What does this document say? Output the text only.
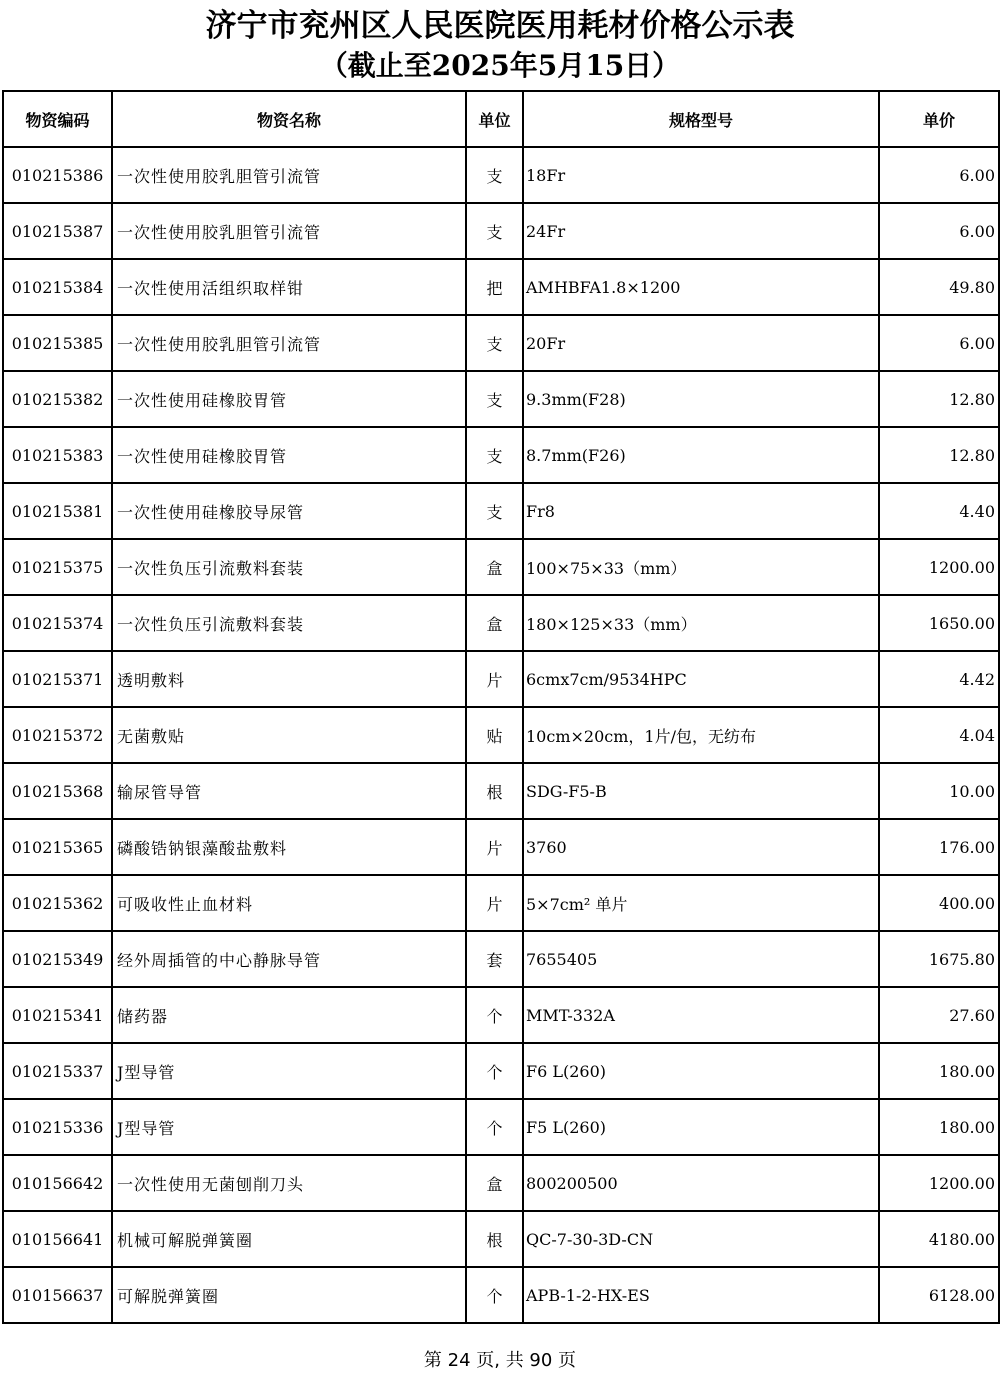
济宁市兖州区人民医院医用耗材价格公示表
（截止至2025年5月15日）
物资编码	物资名称	单位	规格型号	单价
010215386	一次性使用胶乳胆管引流管	支	18Fr	6.00
010215387	一次性使用胶乳胆管引流管	支	24Fr	6.00
010215384	一次性使用活组织取样钳	把	AMHBFA1.8×1200	49.80
010215385	一次性使用胶乳胆管引流管	支	20Fr	6.00
010215382	一次性使用硅橡胶胃管	支	9.3mm(F28)	12.80
010215383	一次性使用硅橡胶胃管	支	8.7mm(F26)	12.80
010215381	一次性使用硅橡胶导尿管	支	Fr8	4.40
010215375	一次性负压引流敷料套装	盒	100×75×33（mm）	1200.00
010215374	一次性负压引流敷料套装	盒	180×125×33（mm）	1650.00
010215371	透明敷料	片	6cmx7cm/9534HPC	4.42
010215372	无菌敷贴	贴	10cm×20cm，1片/包，无纺布	4.04
010215368	输尿管导管	根	SDG-F5-B	10.00
010215365	磷酸锆钠银藻酸盐敷料	片	3760	176.00
010215362	可吸收性止血材料	片	5×7cm² 单片	400.00
010215349	经外周插管的中心静脉导管	套	7655405	1675.80
010215341	储药器	个	MMT-332A	27.60
010215337	J型导管	个	F6 L(260)	180.00
010215336	J型导管	个	F5 L(260)	180.00
010156642	一次性使用无菌刨削刀头	盒	800200500	1200.00
010156641	机械可解脱弹簧圈	根	QC-7-30-3D-CN	4180.00
010156637	可解脱弹簧圈	个	APB-1-2-HX-ES	6128.00
第 24 页, 共 90 页
